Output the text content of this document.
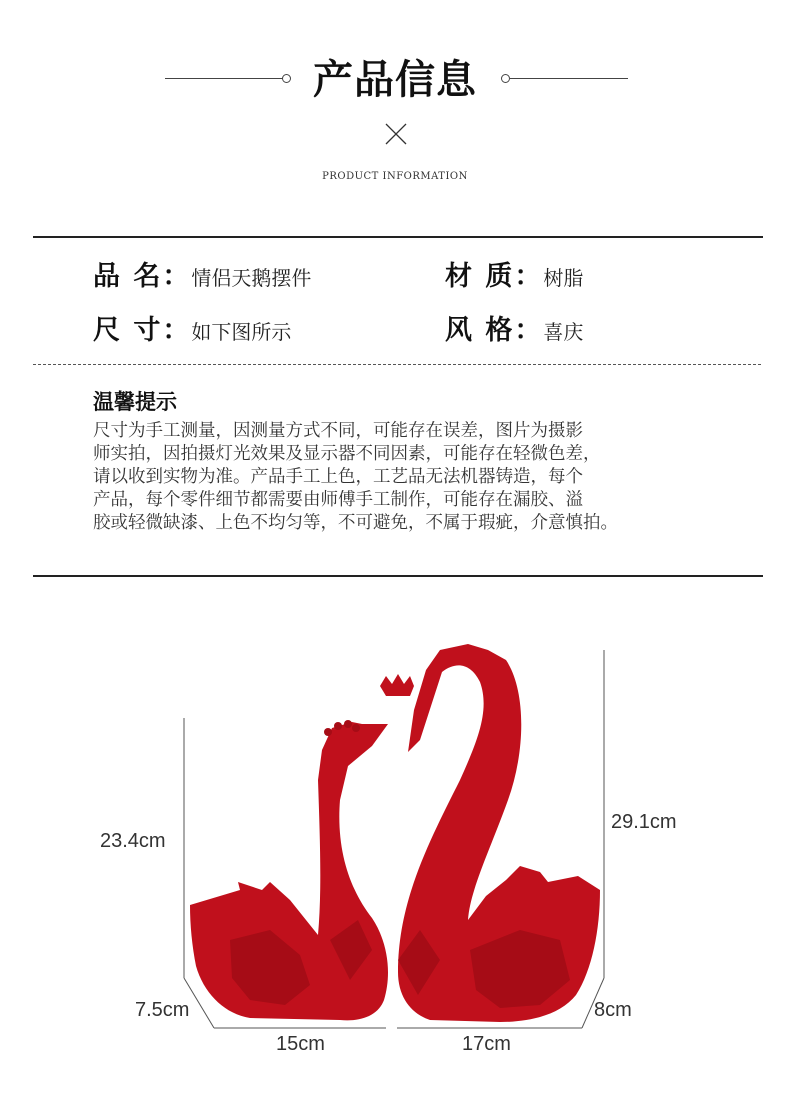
产品信息
PRODUCT INFORMATION
品 名：情侣天鹅摆件	材 质：树脂
尺 寸：如下图所示	风 格：喜庆
温馨提示
尺寸为手工测量，因测量方式不同，可能存在误差，图片为摄影
师实拍，因拍摄灯光效果及显示器不同因素，可能存在轻微色差，
请以收到实物为准。产品手工上色，工艺品无法机器铸造，每个
产品，每个零件细节都需要由师傅手工制作，可能存在漏胶、溢
胶或轻微缺漆、上色不均匀等，不可避免，不属于瑕疵，介意慎拍。
23.4cm
29.1cm
7.5cm	8cm
15cm	17cm
